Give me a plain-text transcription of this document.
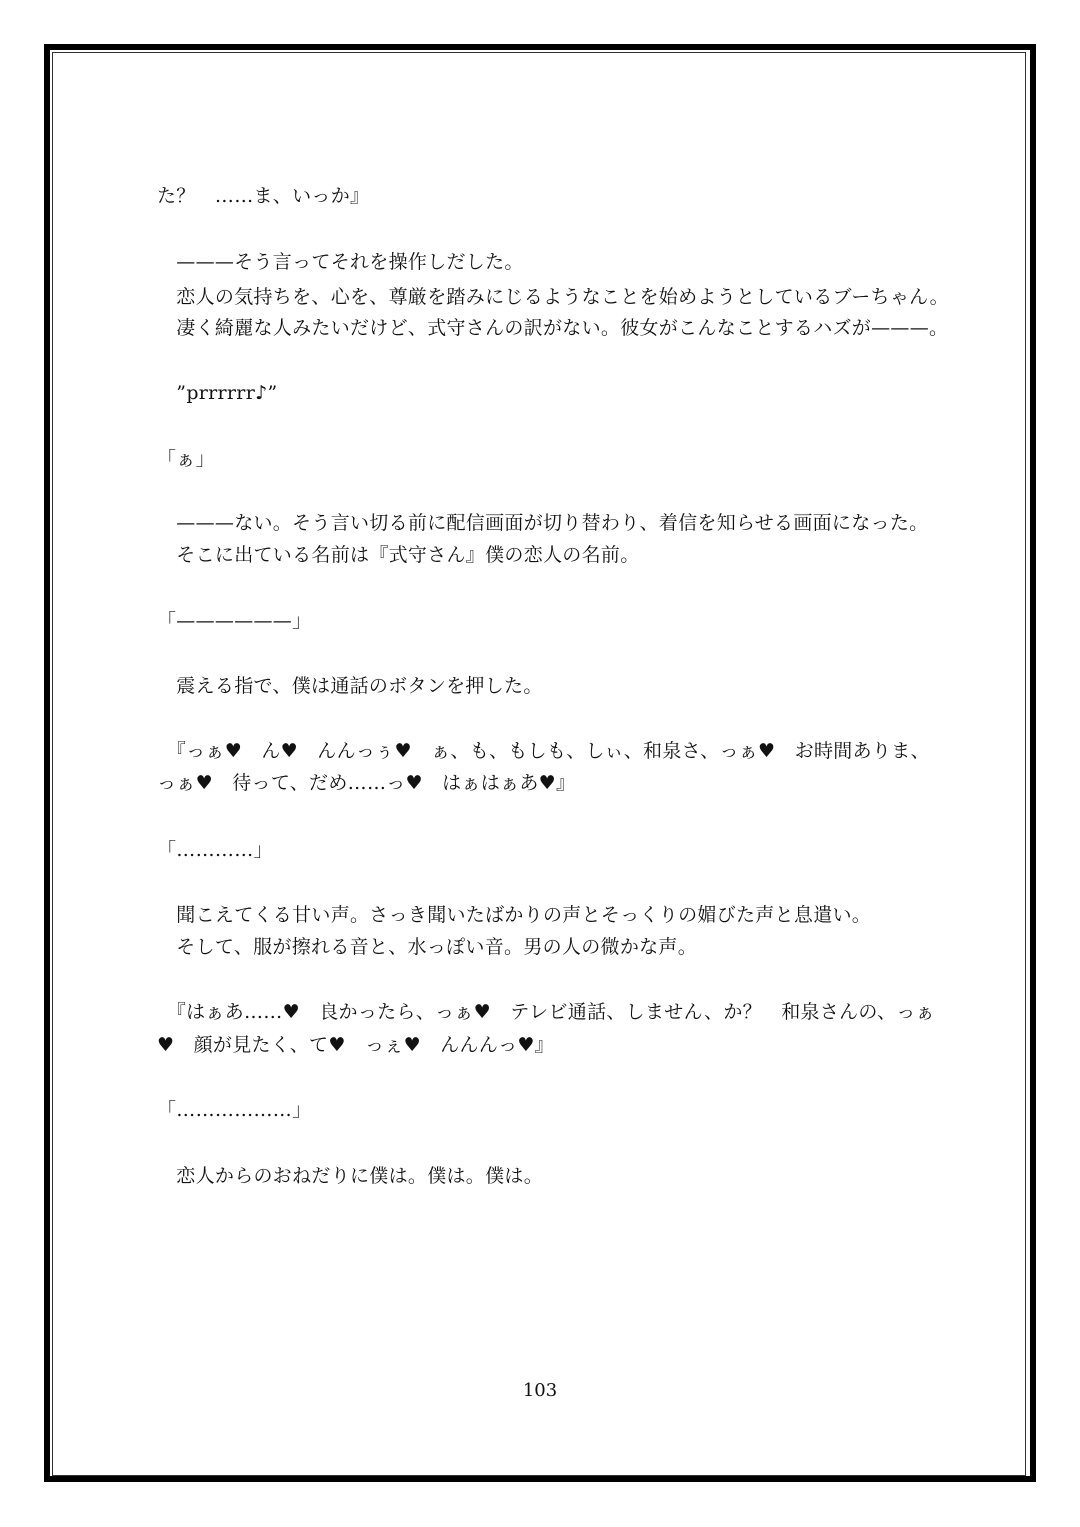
た？　……ま、いっか』
　———そう言ってそれを操作しだした。
　恋人の気持ちを、心を、尊厳を踏みにじるようなことを始めようとしているブーちゃん。
　凄く綺麗な人みたいだけど、式守さんの訳がない。彼女がこんなことするハズが———。
　”prrrrrr♪”
「ぁ」
　———ない。そう言い切る前に配信画面が切り替わり、着信を知らせる画面になった。
　そこに出ている名前は『式守さん』僕の恋人の名前。
「——————」
　震える指で、僕は通話のボタンを押した。
　『っぁ♥　ん♥　んんっぅ♥　ぁ、も、もしも、しぃ、和泉さ、っぁ♥　お時間ありま、
っぁ♥　待って、だめ……っ♥　はぁはぁあ♥』
「…………」
　聞こえてくる甘い声。さっき聞いたばかりの声とそっくりの媚びた声と息遣い。
　そして、服が擦れる音と、水っぽい音。男の人の微かな声。
　『はぁあ……♥　良かったら、っぁ♥　テレビ通話、しません、か？　和泉さんの、っぁ
♥　顔が見たく、て♥　っぇ♥　んんんっ♥』
「………………」
　恋人からのおねだりに僕は。僕は。僕は。
103
